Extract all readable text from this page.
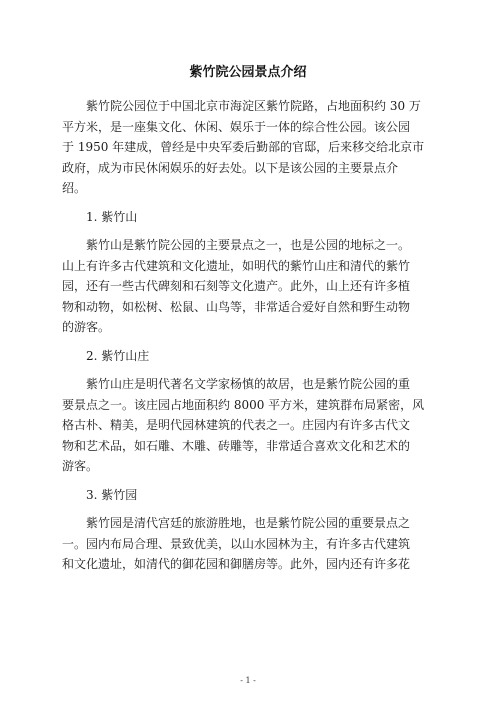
紫竹院公园景点介绍
紫竹院公园位于中国北京市海淀区紫竹院路，占地面积约 30 万
平方米，是一座集文化、休闲、娱乐于一体的综合性公园。该公园
于 1950 年建成，曾经是中央军委后勤部的官邸，后来移交给北京市
政府，成为市民休闲娱乐的好去处。以下是该公园的主要景点介
绍。
1. 紫竹山
紫竹山是紫竹院公园的主要景点之一，也是公园的地标之一。
山上有许多古代建筑和文化遗址，如明代的紫竹山庄和清代的紫竹
园，还有一些古代碑刻和石刻等文化遗产。此外，山上还有许多植
物和动物，如松树、松鼠、山鸟等，非常适合爱好自然和野生动物
的游客。
2. 紫竹山庄
紫竹山庄是明代著名文学家杨慎的故居，也是紫竹院公园的重
要景点之一。该庄园占地面积约 8000 平方米，建筑群布局紧密，风
格古朴、精美，是明代园林建筑的代表之一。庄园内有许多古代文
物和艺术品，如石雕、木雕、砖雕等，非常适合喜欢文化和艺术的
游客。
3. 紫竹园
紫竹园是清代宫廷的旅游胜地，也是紫竹院公园的重要景点之
一。园内布局合理、景致优美，以山水园林为主，有许多古代建筑
和文化遗址，如清代的御花园和御膳房等。此外，园内还有许多花
- 1 -
